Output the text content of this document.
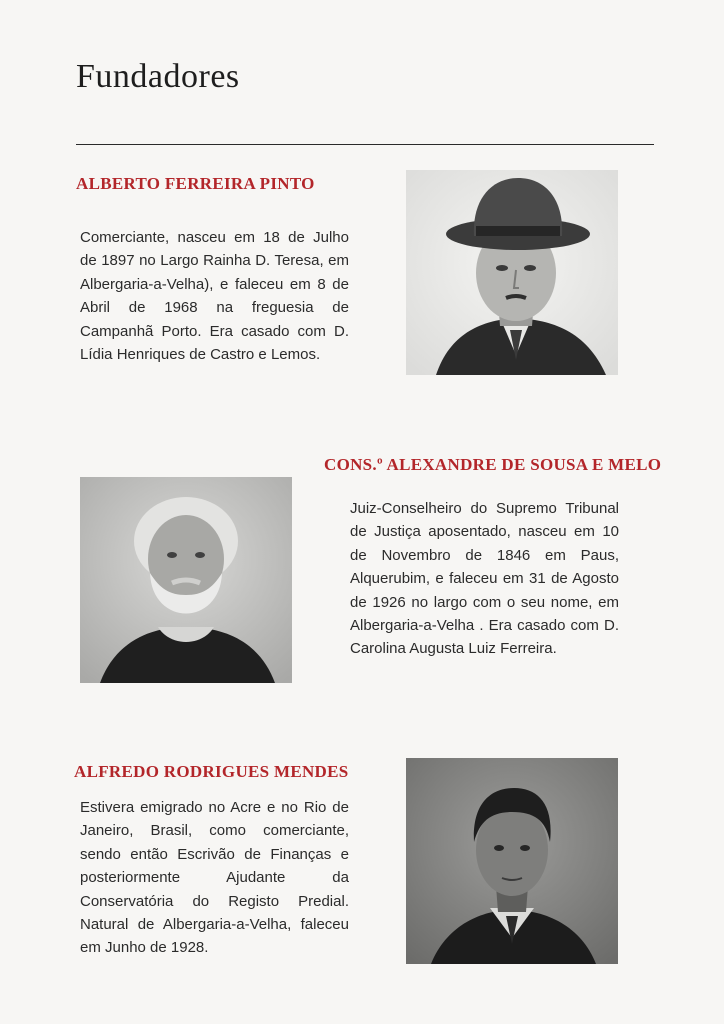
Fundadores
ALBERTO FERREIRA PINTO

Comerciante, nasceu em 18 de Julho de 1897 no Largo Rainha D. Teresa, em Albergaria-a-Velha), e faleceu em 8 de Abril de 1968 na freguesia de Campanhã Porto. Era casado com D. Lídia Henriques de Castro e Lemos.

CONS.º ALEXANDRE DE SOUSA E MELO

Juiz-Conselheiro do Supremo Tribunal de Justiça aposentado, nasceu em 10 de Novembro de 1846 em Paus, Alquerubim, e faleceu em 31 de Agosto de 1926 no largo com o seu nome, em Albergaria-a-Velha . Era casado com D. Carolina Augusta Luiz Ferreira.

ALFREDO RODRIGUES MENDES

Estivera emigrado no Acre e no Rio de Janeiro, Brasil, como comerciante, sendo então Escrivão de Finanças e posteriormente Ajudante da Conservatória do Registo Predial. Natural de Albergaria-a-Velha, faleceu em Junho de 1928.
